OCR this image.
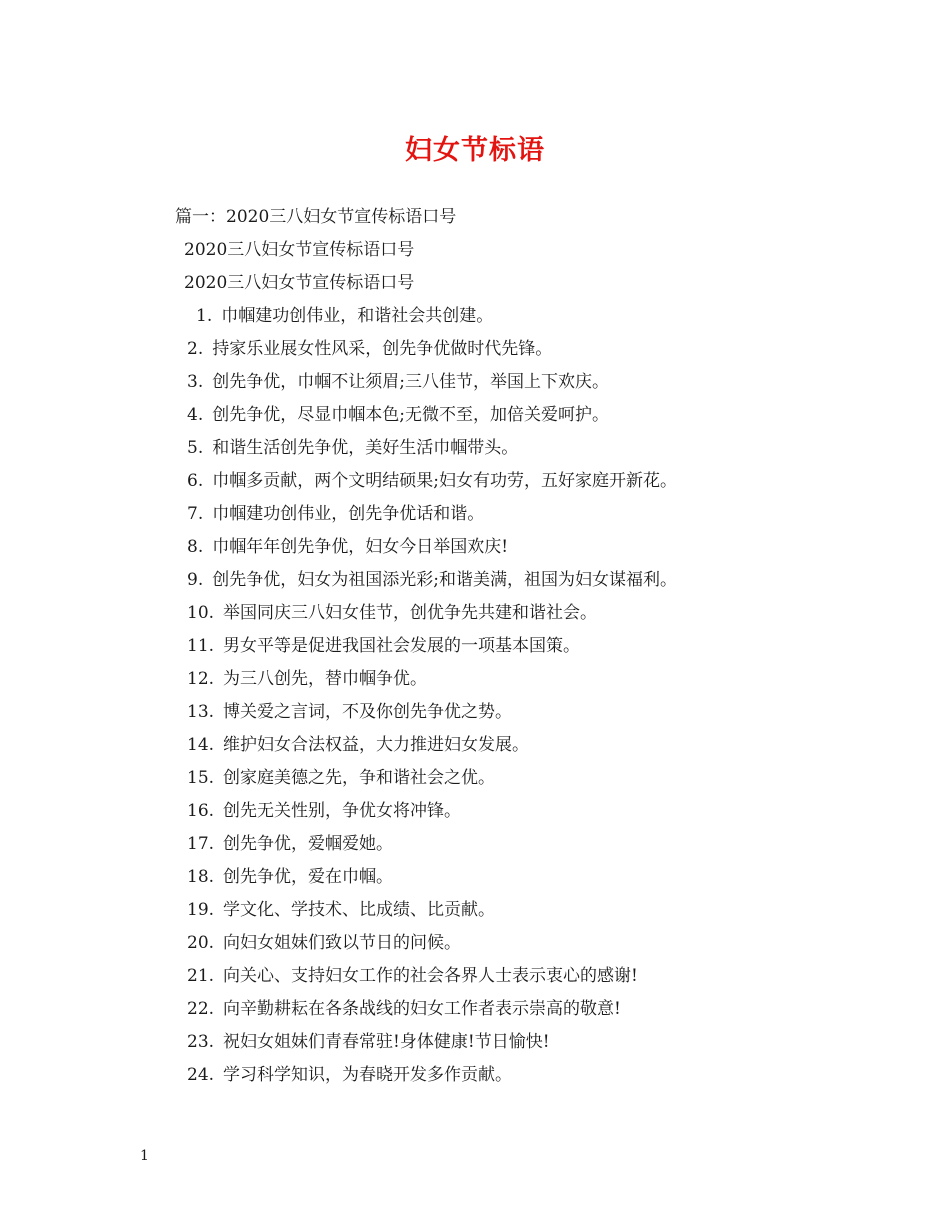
妇女节标语
篇一：2020三八妇女节宣传标语口号
2020三八妇女节宣传标语口号
2020三八妇女节宣传标语口号
1. 巾帼建功创伟业，和谐社会共创建。
2. 持家乐业展女性风采，创先争优做时代先锋。
3. 创先争优，巾帼不让须眉;三八佳节，举国上下欢庆。
4. 创先争优，尽显巾帼本色;无微不至，加倍关爱呵护。
5. 和谐生活创先争优，美好生活巾帼带头。
6. 巾帼多贡献，两个文明结硕果;妇女有功劳，五好家庭开新花。
7. 巾帼建功创伟业，创先争优话和谐。
8. 巾帼年年创先争优，妇女今日举国欢庆!
9. 创先争优，妇女为祖国添光彩;和谐美满，祖国为妇女谋福利。
10. 举国同庆三八妇女佳节，创优争先共建和谐社会。
11. 男女平等是促进我国社会发展的一项基本国策。
12. 为三八创先，替巾帼争优。
13. 博关爱之言词，不及你创先争优之势。
14. 维护妇女合法权益，大力推进妇女发展。
15. 创家庭美德之先，争和谐社会之优。
16. 创先无关性别，争优女将冲锋。
17. 创先争优，爱帼爱她。
18. 创先争优，爱在巾帼。
19. 学文化、学技术、比成绩、比贡献。
20. 向妇女姐妹们致以节日的问候。
21. 向关心、支持妇女工作的社会各界人士表示衷心的感谢!
22. 向辛勤耕耘在各条战线的妇女工作者表示崇高的敬意!
23. 祝妇女姐妹们青春常驻!身体健康!节日愉快!
24. 学习科学知识，为春晓开发多作贡献。
1
